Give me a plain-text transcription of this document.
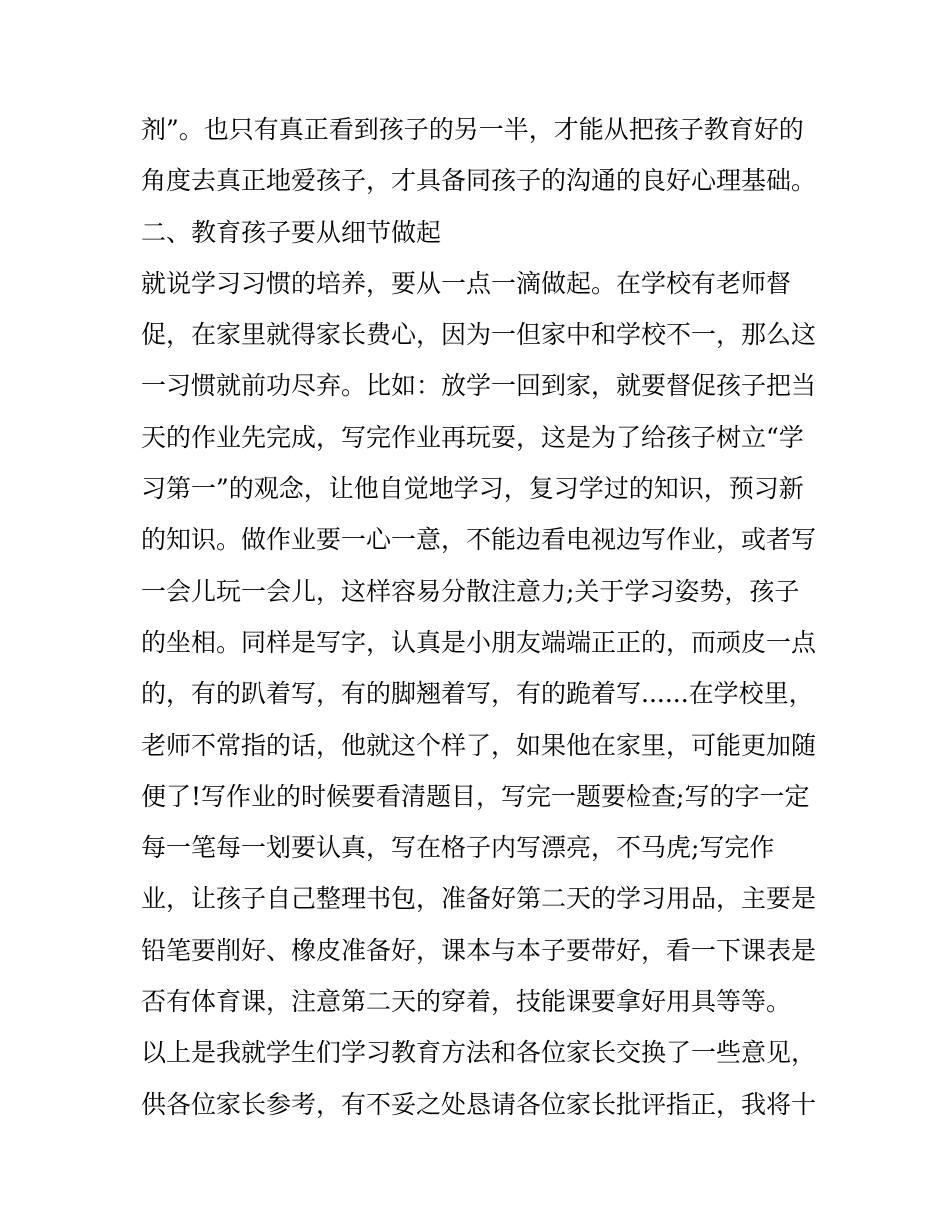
剂”。也只有真正看到孩子的另一半，才能从把孩子教育好的
角度去真正地爱孩子，才具备同孩子的沟通的良好心理基础。
二、教育孩子要从细节做起
就说学习习惯的培养，要从一点一滴做起。在学校有老师督
促，在家里就得家长费心，因为一但家中和学校不一，那么这
一习惯就前功尽弃。比如：放学一回到家，就要督促孩子把当
天的作业先完成，写完作业再玩耍，这是为了给孩子树立“学
习第一”的观念，让他自觉地学习，复习学过的知识，预习新
的知识。做作业要一心一意，不能边看电视边写作业，或者写
一会儿玩一会儿，这样容易分散注意力;关于学习姿势，孩子
的坐相。同样是写字，认真是小朋友端端正正的，而顽皮一点
的，有的趴着写，有的脚翘着写，有的跪着写......在学校里，
老师不常指的话，他就这个样了，如果他在家里，可能更加随
便了!写作业的时候要看清题目，写完一题要检查;写的字一定
每一笔每一划要认真，写在格子内写漂亮，不马虎;写完作
业，让孩子自己整理书包，准备好第二天的学习用品，主要是
铅笔要削好、橡皮准备好，课本与本子要带好，看一下课表是
否有体育课，注意第二天的穿着，技能课要拿好用具等等。
以上是我就学生们学习教育方法和各位家长交换了一些意见，
供各位家长参考，有不妥之处恳请各位家长批评指正，我将十
